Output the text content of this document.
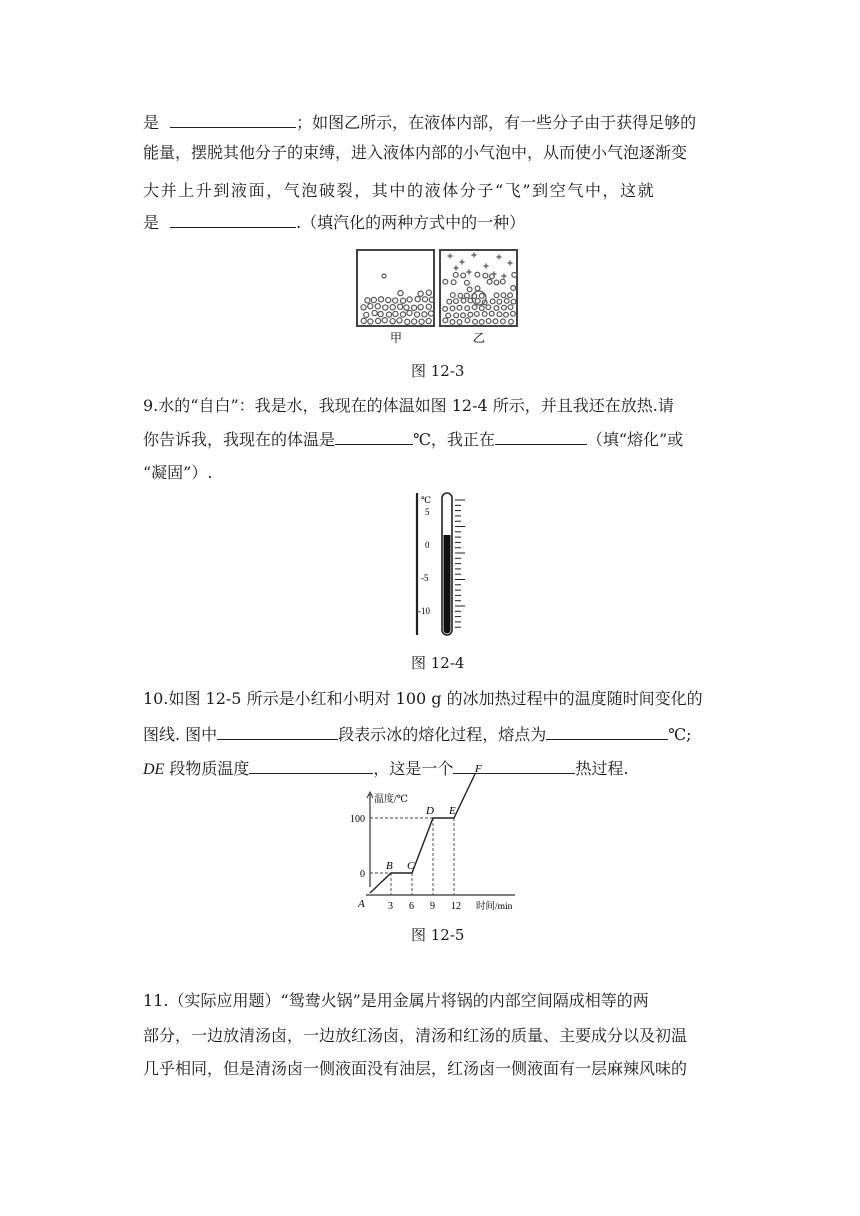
是	；如图乙所示，在液体内部，有一些分子由于获得足够的
能量，摆脱其他分子的束缚，进入液体内部的小气泡中，从而使小气泡逐渐变
大并上升到液面，气泡破裂，其中的液体分子“飞”到空气中，这就
是	.（填汽化的两种方式中的一种）
甲	乙
图 12-3
9.水的“自白”：我是水，我现在的体温如图 12-4 所示，并且我还在放热.请
你告诉我，我现在的体温是	℃，我正在	（填“熔化”或
“凝固”）.
℃
5
0
-5
-10
图 12-4
10.如图 12-5 所示是小红和小明对 100 g 的冰加热过程中的温度随时间变化的
图线. 图中	段表示冰的熔化过程，熔点为	℃;
DE 段物质温度	，这是一个	热过程.
温度/℃
时间/min
100
0
3 6 9 12
A
B C
D E
F
图 12-5
11.（实际应用题）“鸳鸯火锅”是用金属片将锅的内部空间隔成相等的两
部分，一边放清汤卤，一边放红汤卤，清汤和红汤的质量、主要成分以及初温
几乎相同，但是清汤卤一侧液面没有油层，红汤卤一侧液面有一层麻辣风味的
